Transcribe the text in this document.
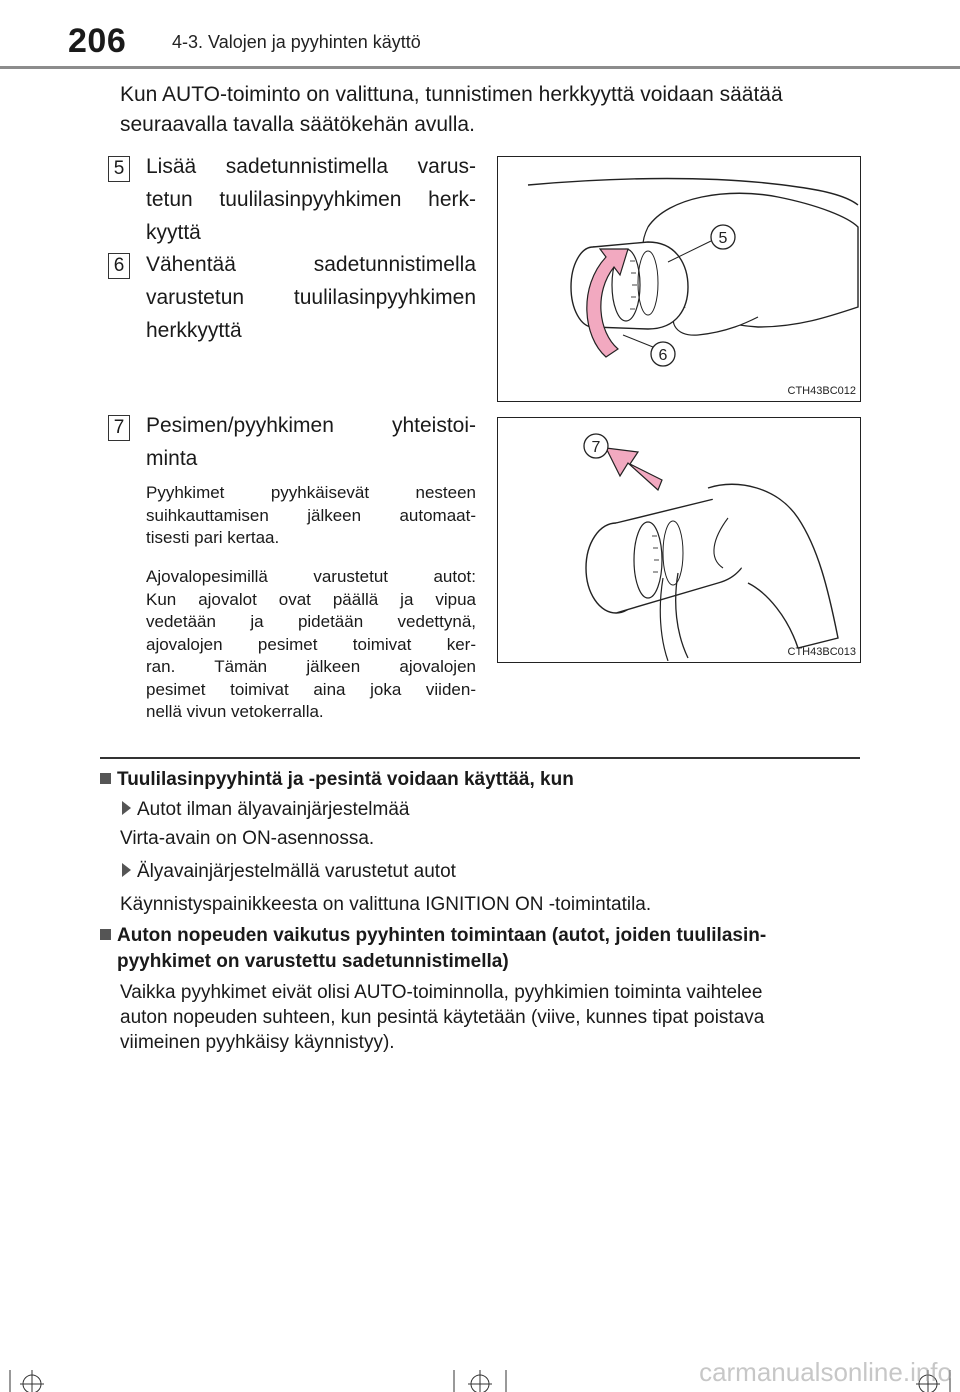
206	4-3. Valojen ja pyyhinten käyttö
Kun AUTO-toiminto on valittuna, tunnistimen herkkyyttä voidaan säätää seuraavalla tavalla säätökehän avulla.
5 Lisää sadetunnistimella varus-
tetun tuulilasinpyyhkimen herk-
kyyttä
6 Vähentää sadetunnistimella
varustetun tuulilasinpyyhkimen
herkkyyttä
5
6
CTH43BC012
7 Pesimen/pyyhkimen yhteistoi-
minta
Pyyhkimet pyyhkäisevät nesteen
suihkauttamisen jälkeen automaat-
tisesti pari kertaa.
Ajovalopesimillä varustetut autot:
Kun ajovalot ovat päällä ja vipua
vedetään ja pidetään vedettynä,
ajovalojen pesimet toimivat ker-
ran. Tämän jälkeen ajovalojen
pesimet toimivat aina joka viiden-
nellä vivun vetokerralla.
7
CTH43BC013
Tuulilasinpyyhintä ja -pesintä voidaan käyttää, kun
Autot ilman älyavainjärjestelmää
Virta-avain on ON-asennossa.
Älyavainjärjestelmällä varustetut autot
Käynnistyspainikkeesta on valittuna IGNITION ON -toimintatila.
Auton nopeuden vaikutus pyyhinten toimintaan (autot, joiden tuulilasin-
pyyhkimet on varustettu sadetunnistimella)
Vaikka pyyhkimet eivät olisi AUTO-toiminnolla, pyyhkimien toiminta vaihtelee
auton nopeuden suhteen, kun pesintä käytetään (viive, kunnes tipat poistava
viimeinen pyyhkäisy käynnistyy).
carmanualsonline.info
